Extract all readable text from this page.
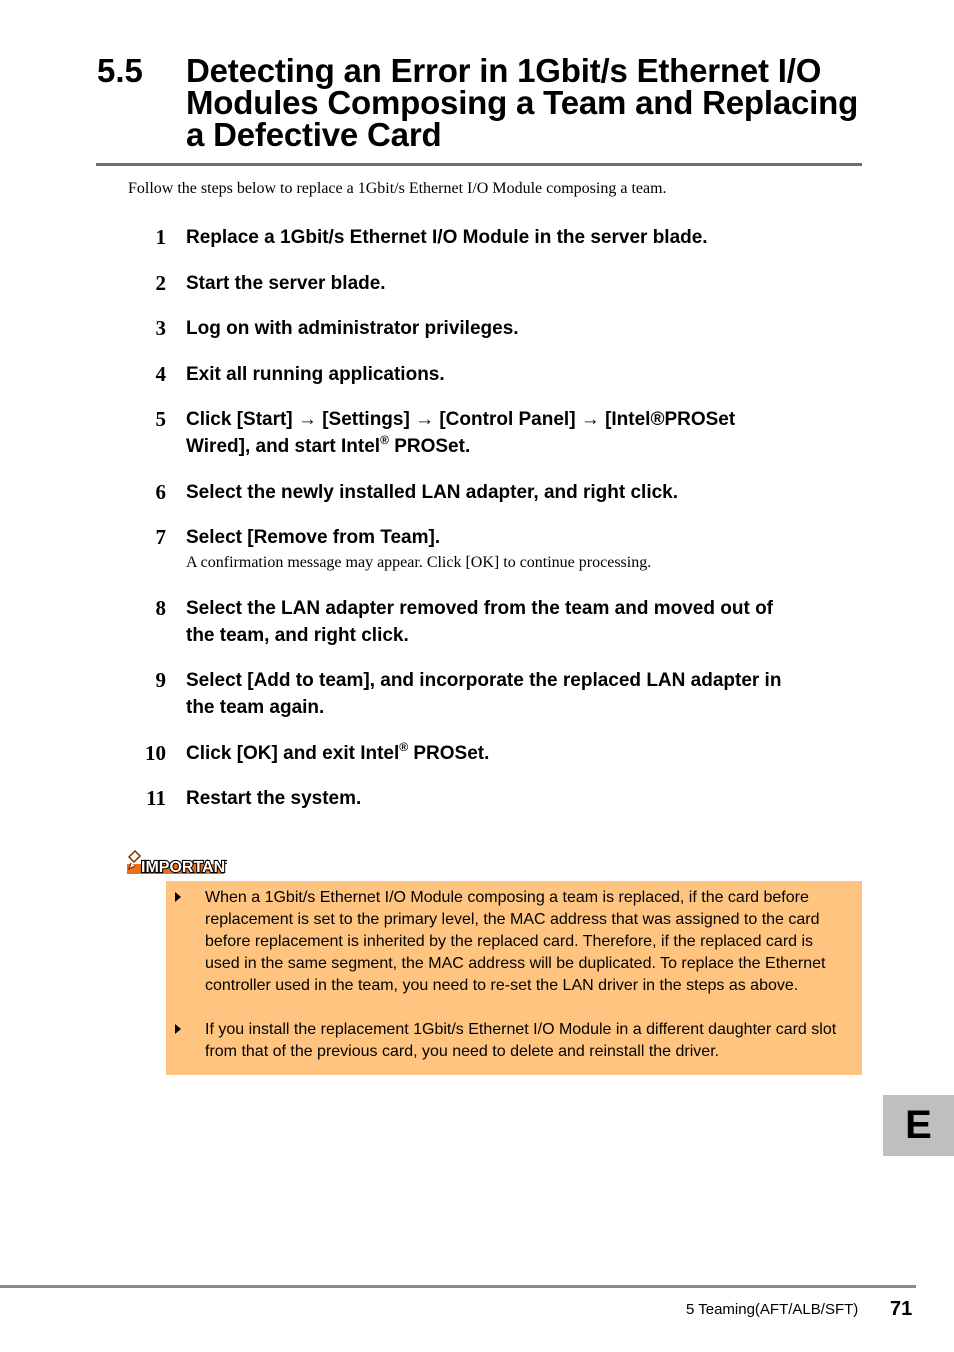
5.5 Detecting an Error in 1Gbit/s Ethernet I/O
Modules Composing a Team and Replacing
a Defective Card
Follow the steps below to replace a 1Gbit/s Ethernet I/O Module composing a team.
1 Replace a 1Gbit/s Ethernet I/O Module in the server blade.
2 Start the server blade.
3 Log on with administrator privileges.
4 Exit all running applications.
5 Click [Start] → [Settings] → [Control Panel] → [Intel®PROSet
Wired], and start Intel® PROSet.
6 Select the newly installed LAN adapter, and right click.
7 Select [Remove from Team].
A confirmation message may appear. Click [OK] to continue processing.
8 Select the LAN adapter removed from the team and moved out of
the team, and right click.
9 Select [Add to team], and incorporate the replaced LAN adapter in
the team again.
10 Click [OK] and exit Intel® PROSet.
11 Restart the system.
IMPORTANT
When a 1Gbit/s Ethernet I/O Module composing a team is replaced, if the card before replacement is set to the primary level, the MAC address that was assigned to the card before replacement is inherited by the replaced card. Therefore, if the replaced card is used in the same segment, the MAC address will be duplicated. To replace the Ethernet controller used in the team, you need to re-set the LAN driver in the steps as above.
If you install the replacement 1Gbit/s Ethernet I/O Module in a different daughter card slot from that of the previous card, you need to delete and reinstall the driver.
E
5 Teaming(AFT/ALB/SFT) 71
